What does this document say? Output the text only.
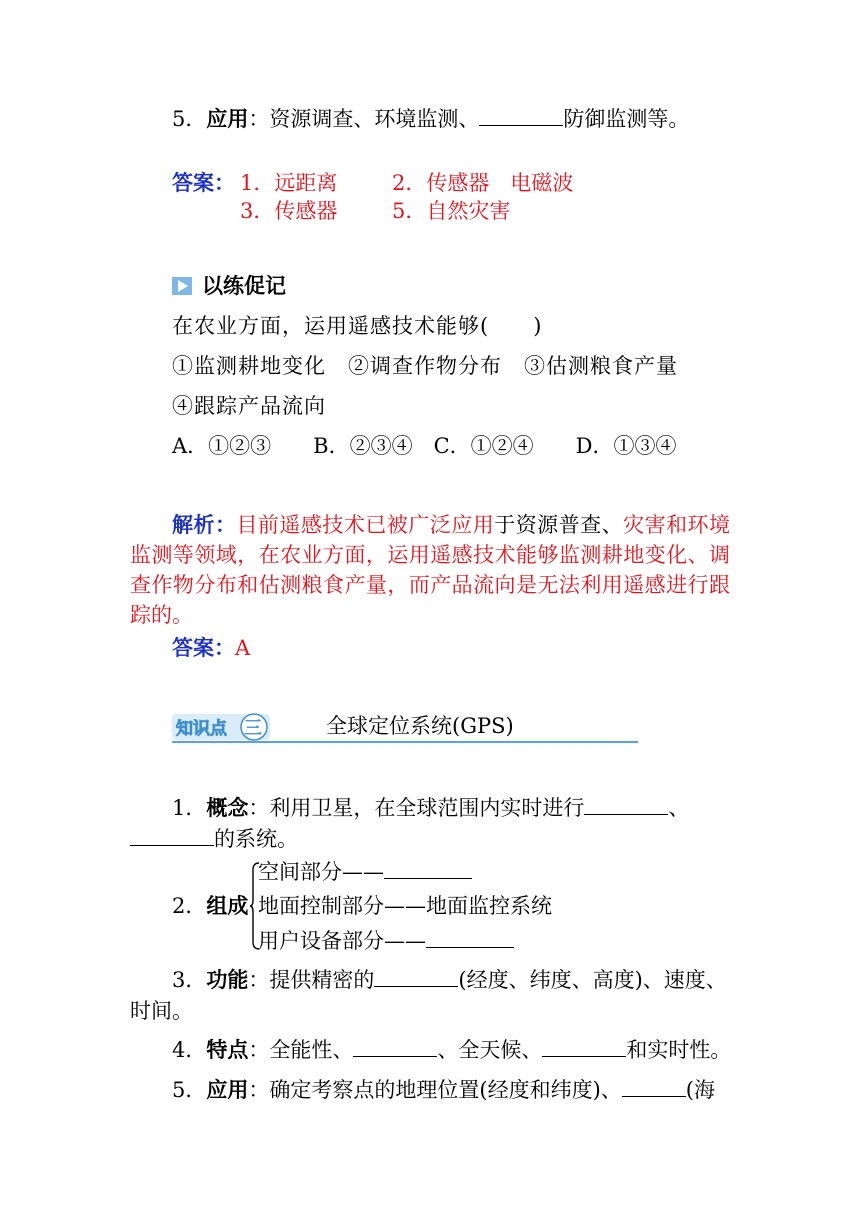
5．应用：资源调查、环境监测、	防御监测等。
答案： 1．远距离	2．传感器　电磁波
3．传感器	5．自然灾害
以练促记
在农业方面，运用遥感技术能够(　　)
①监测耕地变化　②调查作物分布　③估测粮食产量
④跟踪产品流向
A．①②③　　B．②③④　C．①②④　　D．①③④
解析：目前遥感技术已被广泛应用于资源普查、灾害和环境监测等领域，在农业方面，运用遥感技术能够监测耕地变化、调查作物分布和估测粮食产量，而产品流向是无法利用遥感进行跟踪的。
答案：A
知识点 三	全球定位系统(GPS)
1．概念：利用卫星，在全球范围内实时进行	、
的系统。
2．组成
空间部分——
地面控制部分——地面监控系统
用户设备部分——
3．功能：提供精密的	(经度、纬度、高度)、速度、
时间。
4．特点：全能性、	、全天候、	和实时性。
5．应用：确定考察点的地理位置(经度和纬度)、	(海
